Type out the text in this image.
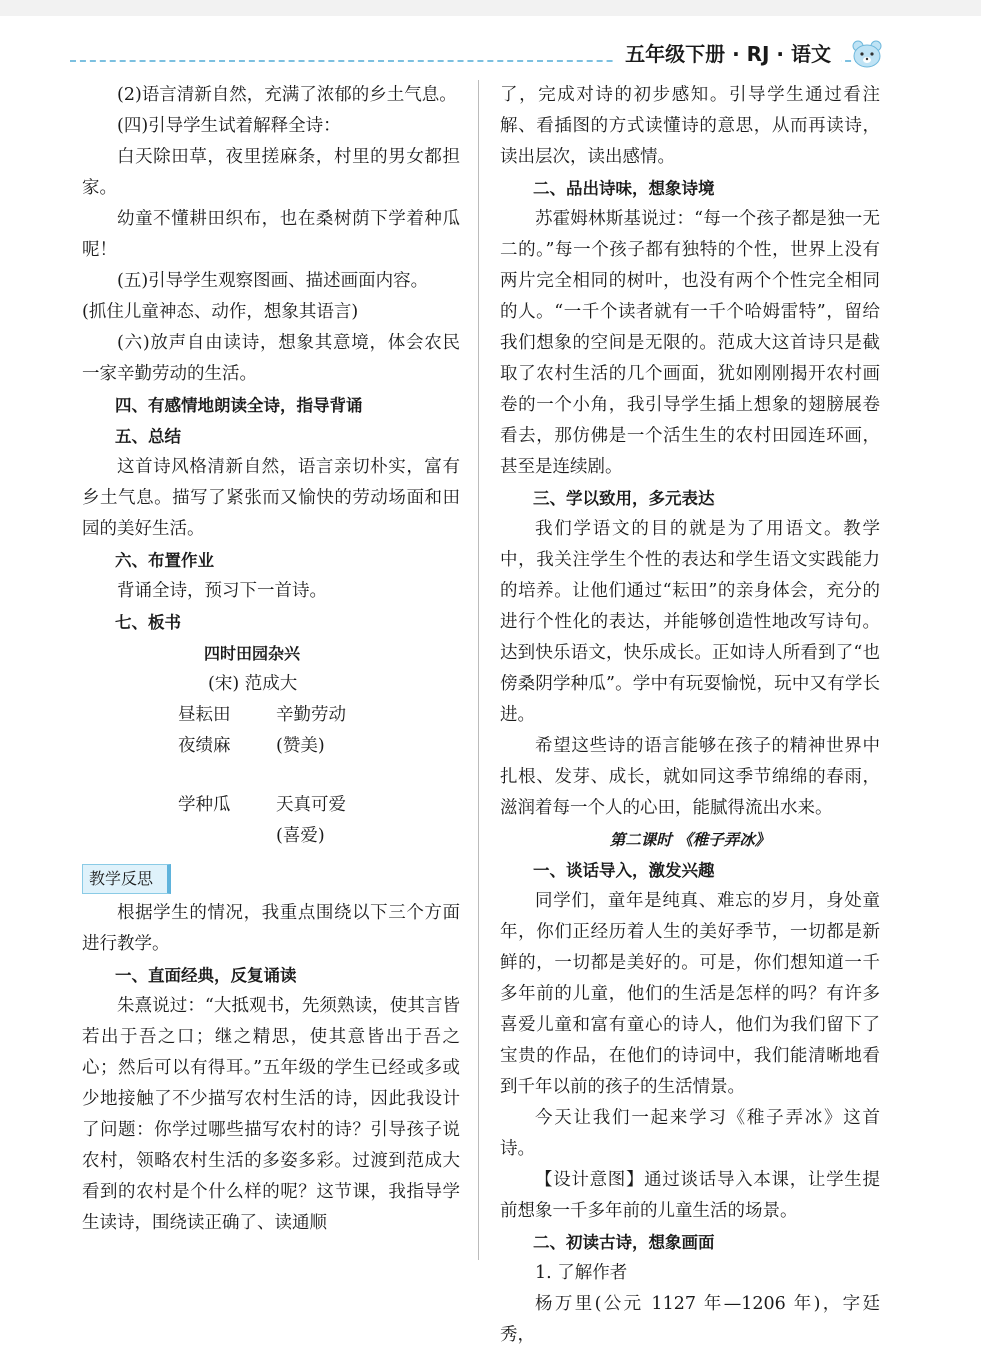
五年级下册 · RJ · 语文

(2)语言清新自然，充满了浓郁的乡土气息。

(四)引导学生试着解释全诗：

白天除田草，夜里搓麻条，村里的男女都担家。

幼童不懂耕田织布，也在桑树荫下学着种瓜呢！

(五)引导学生观察图画、描述画面内容。

(抓住儿童神态、动作，想象其语言)

(六)放声自由读诗，想象其意境，体会农民一家辛勤劳动的生活。

四、有感情地朗读全诗，指导背诵
五、总结

这首诗风格清新自然，语言亲切朴实，富有乡土气息。描写了紧张而又愉快的劳动场面和田园的美好生活。

六、布置作业

背诵全诗，预习下一首诗。

七、板书
四时田园杂兴
(宋) 范成大
昼耘田	辛勤劳动
夜绩麻	(赞美)
学种瓜	天真可爱
(喜爱)
教学反思

根据学生的情况，我重点围绕以下三个方面进行教学。

一、直面经典，反复诵读

朱熹说过：“大抵观书，先须熟读，使其言皆若出于吾之口；继之精思，使其意皆出于吾之心；然后可以有得耳。”五年级的学生已经或多或少地接触了不少描写农村生活的诗，因此我设计了问题：你学过哪些描写农村的诗？引导孩子说农村，领略农村生活的多姿多彩。过渡到范成大看到的农村是个什么样的呢？这节课，我指导学生读诗，围绕读正确了、读通顺

了，完成对诗的初步感知。引导学生通过看注解、看插图的方式读懂诗的意思，从而再读诗，读出层次，读出感情。

二、品出诗味，想象诗境

苏霍姆林斯基说过：“每一个孩子都是独一无二的。”每一个孩子都有独特的个性，世界上没有两片完全相同的树叶，也没有两个个性完全相同的人。“一千个读者就有一千个哈姆雷特”，留给我们想象的空间是无限的。范成大这首诗只是截取了农村生活的几个画面，犹如刚刚揭开农村画卷的一个小角，我引导学生插上想象的翅膀展卷看去，那仿佛是一个活生生的农村田园连环画，甚至是连续剧。

三、学以致用，多元表达

我们学语文的目的就是为了用语文。教学中，我关注学生个性的表达和学生语文实践能力的培养。让他们通过“耘田”的亲身体会，充分的进行个性化的表达，并能够创造性地改写诗句。达到快乐语文，快乐成长。正如诗人所看到了“也傍桑阴学种瓜”。学中有玩耍愉悦，玩中又有学长进。

希望这些诗的语言能够在孩子的精神世界中扎根、发芽、成长，就如同这季节绵绵的春雨，滋润着每一个人的心田，能腻得流出水来。

第二课时 《稚子弄冰》
一、谈话导入，激发兴趣

同学们，童年是纯真、难忘的岁月，身处童年，你们正经历着人生的美好季节，一切都是新鲜的，一切都是美好的。可是，你们想知道一千多年前的儿童，他们的生活是怎样的吗？有许多喜爱儿童和富有童心的诗人，他们为我们留下了宝贵的作品，在他们的诗词中，我们能清晰地看到千年以前的孩子的生活情景。

今天让我们一起来学习《稚子弄冰》这首诗。

【设计意图】通过谈话导入本课，让学生提前想象一千多年前的儿童生活的场景。

二、初读古诗，想象画面

1. 了解作者

杨万里(公元 1127 年—1206 年)，字廷秀，
